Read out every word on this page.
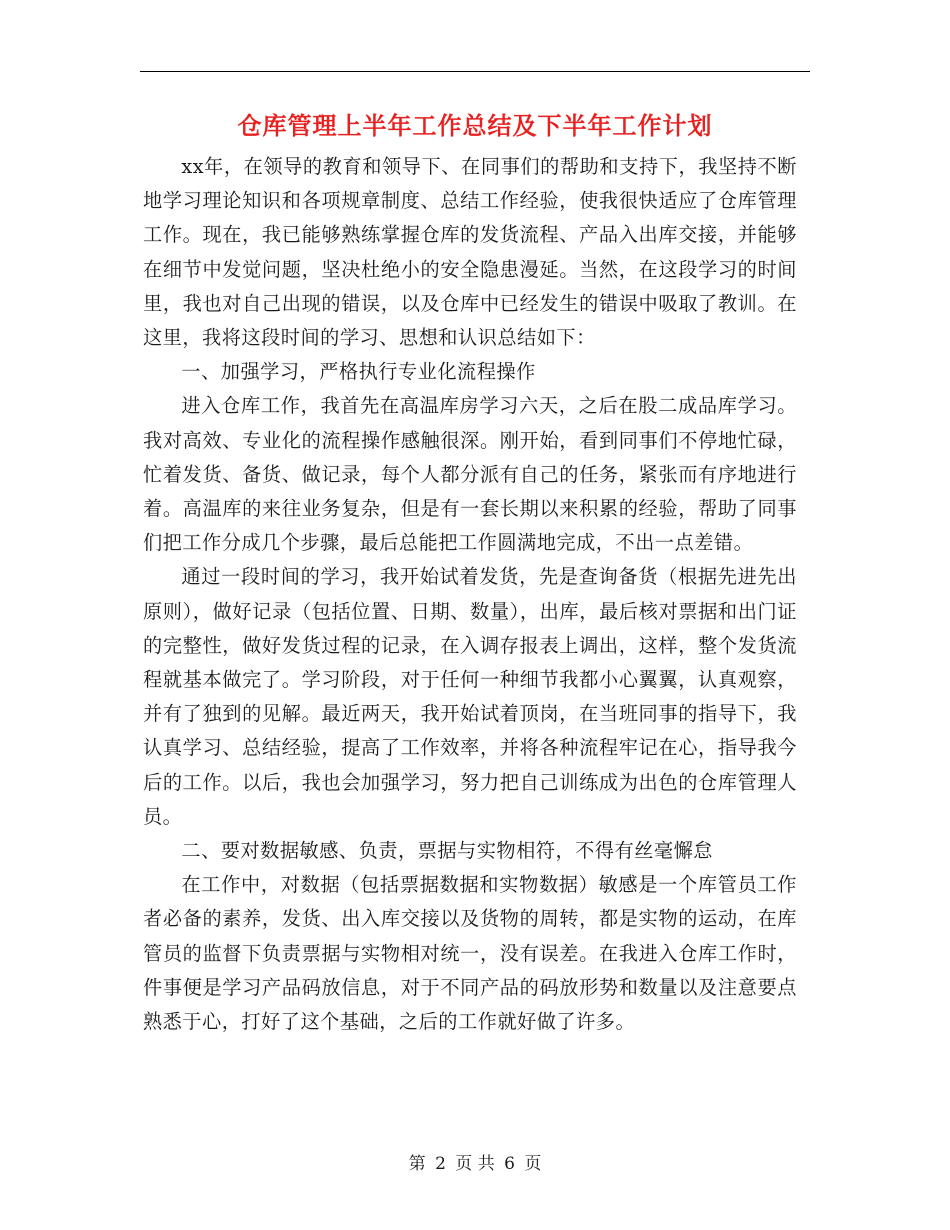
仓库管理上半年工作总结及下半年工作计划

xx年，在领导的教育和领导下、在同事们的帮助和支持下，我坚持不断地学习理论知识和各项规章制度、总结工作经验，使我很快适应了仓库管理工作。现在，我已能够熟练掌握仓库的发货流程、产品入出库交接，并能够在细节中发觉问题，坚决杜绝小的安全隐患漫延。当然，在这段学习的时间里，我也对自己出现的错误，以及仓库中已经发生的错误中吸取了教训。在这里，我将这段时间的学习、思想和认识总结如下：

一、加强学习，严格执行专业化流程操作

进入仓库工作，我首先在高温库房学习六天，之后在股二成品库学习。我对高效、专业化的流程操作感触很深。刚开始，看到同事们不停地忙碌，忙着发货、备货、做记录，每个人都分派有自己的任务，紧张而有序地进行着。高温库的来往业务复杂，但是有一套长期以来积累的经验，帮助了同事们把工作分成几个步骤，最后总能把工作圆满地完成，不出一点差错。

通过一段时间的学习，我开始试着发货，先是查询备货（根据先进先出原则），做好记录（包括位置、日期、数量），出库，最后核对票据和出门证的完整性，做好发货过程的记录，在入调存报表上调出，这样，整个发货流程就基本做完了。学习阶段，对于任何一种细节我都小心翼翼，认真观察，并有了独到的见解。最近两天，我开始试着顶岗，在当班同事的指导下，我认真学习、总结经验，提高了工作效率，并将各种流程牢记在心，指导我今后的工作。以后，我也会加强学习，努力把自己训练成为出色的仓库管理人员。

二、要对数据敏感、负责，票据与实物相符，不得有丝毫懈怠

在工作中，对数据（包括票据数据和实物数据）敏感是一个库管员工作者必备的素养，发货、出入库交接以及货物的周转，都是实物的运动，在库管员的监督下负责票据与实物相对统一，没有误差。在我进入仓库工作时，件事便是学习产品码放信息，对于不同产品的码放形势和数量以及注意要点熟悉于心，打好了这个基础，之后的工作就好做了许多。

第 2 页 共 6 页
